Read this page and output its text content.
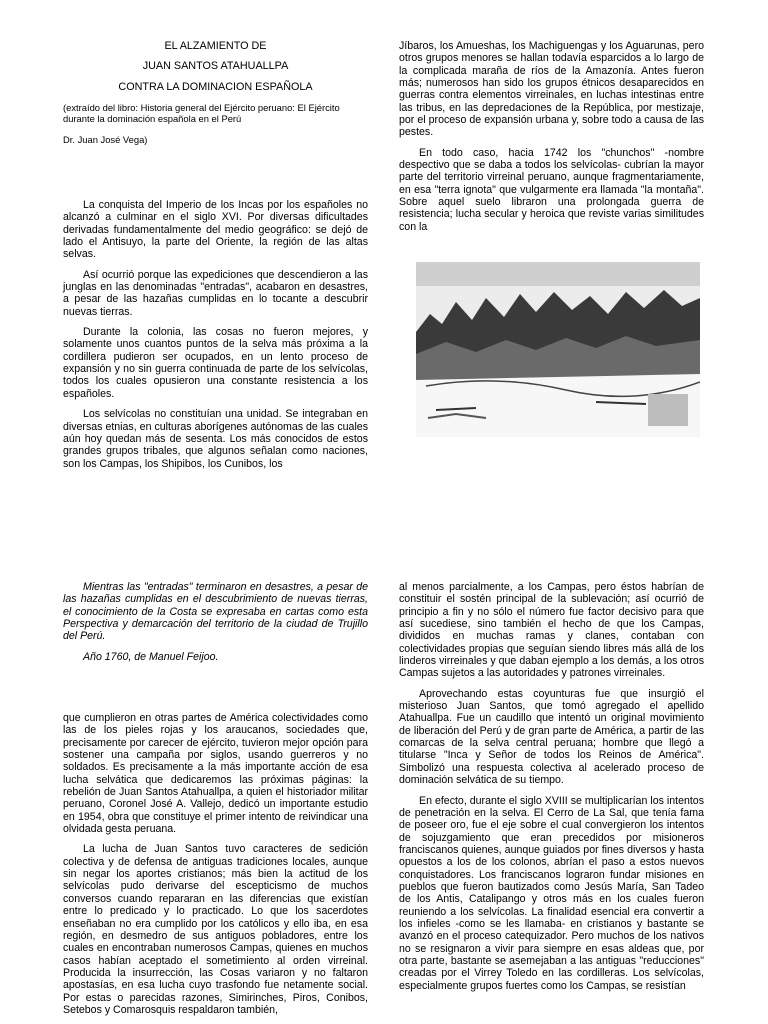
EL ALZAMIENTO DE
JUAN SANTOS ATAHUALLPA
CONTRA LA DOMINACION ESPAÑOLA

(extraído del libro: Historia general del Ejército peruano: El Ejército durante la dominación española en el Perú

Dr. Juan José Vega)

La conquista del Imperio de los Incas por los españoles no alcanzó a culminar en el siglo XVI. Por diversas dificultades derivadas fundamentalmente del medio geográfico: se dejó de lado el Antisuyo, la parte del Oriente, la región de las altas selvas.

Así ocurrió porque las expediciones que descendieron a las junglas en las denominadas "entradas", acabaron en desastres, a pesar de las hazañas cumplidas en lo tocante a descubrir nuevas tierras.

Durante la colonia, las cosas no fueron mejores, y solamente unos cuantos puntos de la selva más próxima a la cordillera pudieron ser ocupados, en un lento proceso de expansión y no sin guerra continuada de parte de los selvícolas, todos los cuales opusieron una constante resistencia a los españoles.

Los selvícolas no constituían una unidad. Se integraban en diversas etnias, en culturas aborígenes autónomas de las cuales aún hoy quedan más de sesenta. Los más conocidos de estos grandes grupos tribales, que algunos señalan como naciones, son los Campas, los Shipibos, los Cunibos, los

Jíbaros, los Amueshas, los Machiguengas y los Aguarunas, pero otros grupos menores se hallan todavía esparcidos a lo largo de la complicada maraña de ríos de la Amazonía. Antes fueron más; numerosos han sido los grupos étnicos desaparecidos en guerras contra elementos virreinales, en luchas intestinas entre las tribus, en las depredaciones de la República, por mestizaje, por el proceso de expansión urbana y, sobre todo a causa de las pestes.

En todo caso, hacia 1742 los "chunchos" -nombre despectivo que se daba a todos los selvícolas- cubrían la mayor parte del territorio virreinal peruano, aunque fragmentariamente, en esa "terra ignota" que vulgarmente era llamada "la montaña". Sobre aquel suelo libraron una prolongada guerra de resistencia; lucha secular y heroica que reviste varias similitudes con la

Mientras las "entradas" terminaron en desastres, a pesar de las hazañas cumplidas en el descubrimiento de nuevas tierras, el conocimiento de la Costa se expresaba en cartas como esta Perspectiva y demarcación del territorio de la ciudad de Trujillo del Perú.

Año 1760, de Manuel Feijoo.

que cumplieron en otras partes de América colectividades como las de los pieles rojas y los araucanos, sociedades que, precisamente por carecer de ejército, tuvieron mejor opción para sostener una campaña por siglos, usando guerreros y no soldados. Es precisamente a la más importante acción de esa lucha selvática que dedicaremos las próximas páginas: la rebelión de Juan Santos Atahuallpa, a quien el historiador militar peruano, Coronel José A. Vallejo, dedicó un importante estudio en 1954, obra que constituye el primer intento de reivindicar una olvidada gesta peruana.

La lucha de Juan Santos tuvo caracteres de sedición colectiva y de defensa de antiguas tradiciones locales, aunque sin negar los aportes cristianos; más bien la actitud de los selvícolas pudo derivarse del escepticismo de muchos conversos cuando repararan en las diferencias que existían entre lo predicado y lo practicado. Lo que los sacerdotes enseñaban no era cumplido por los católicos y ello iba, en esa región, en desmedro de sus antiguos pobladores, entre los cuales en encontraban numerosos Campas, quienes en muchos casos habían aceptado el sometimiento al orden virreinal. Producida la insurrección, las Cosas variaron y no faltaron apostasías, en esa lucha cuyo trasfondo fue netamente social. Por estas o parecidas razones, Simirinches, Piros, Conibos, Setebos y Comarosquis respaldaron también,

al menos parcialmente, a los Campas, pero éstos habrían de constituir el sostén principal de la sublevación; así ocurrió de principio a fin y no sólo el número fue factor decisivo para que así sucediese, sino también el hecho de que los Campas, divididos en muchas ramas y clanes, contaban con colectividades propias que seguían siendo libres más allá de los linderos virreinales y que daban ejemplo a los demás, a los otros Campas sujetos a las autoridades y patrones virreinales.

Aprovechando estas coyunturas fue que insurgió el misterioso Juan Santos, que tomó agregado el apellido Atahuallpa. Fue un caudillo que intentó un original movimiento de liberación del Perú y de gran parte de América, a partir de las comarcas de la selva central peruana; hombre que llegó a titularse "Inca y Señor de todos los Reinos de América". Simbolizó una respuesta colectiva al acelerado proceso de dominación selvática de su tiempo.

En efecto, durante el siglo XVIII se multiplicarían los intentos de penetración en la selva. El Cerro de La Sal, que tenía fama de poseer oro, fue el eje sobre el cual convergieron los intentos de sojuzgamiento que eran precedidos por misioneros franciscanos quienes, aunque guiados por fines diversos y hasta opuestos a los de los colonos, abrían el paso a estos nuevos conquistadores. Los franciscanos lograron fundar misiones en pueblos que fueron bautizados como Jesús María, San Tadeo de los Antis, Catalipango y otros más en los cuales fueron reuniendo a los selvícolas. La finalidad esencial era convertir a los infieles -como se les llamaba- en cristianos y bastante se avanzó en el proceso catequizador. Pero muchos de los nativos no se resignaron a vivir para siempre en esas aldeas que, por otra parte, bastante se asemejaban a las antiguas "reducciones" creadas por el Virrey Toledo en las cordilleras. Los selvícolas, especialmente grupos fuertes como los Campas, se resistían
